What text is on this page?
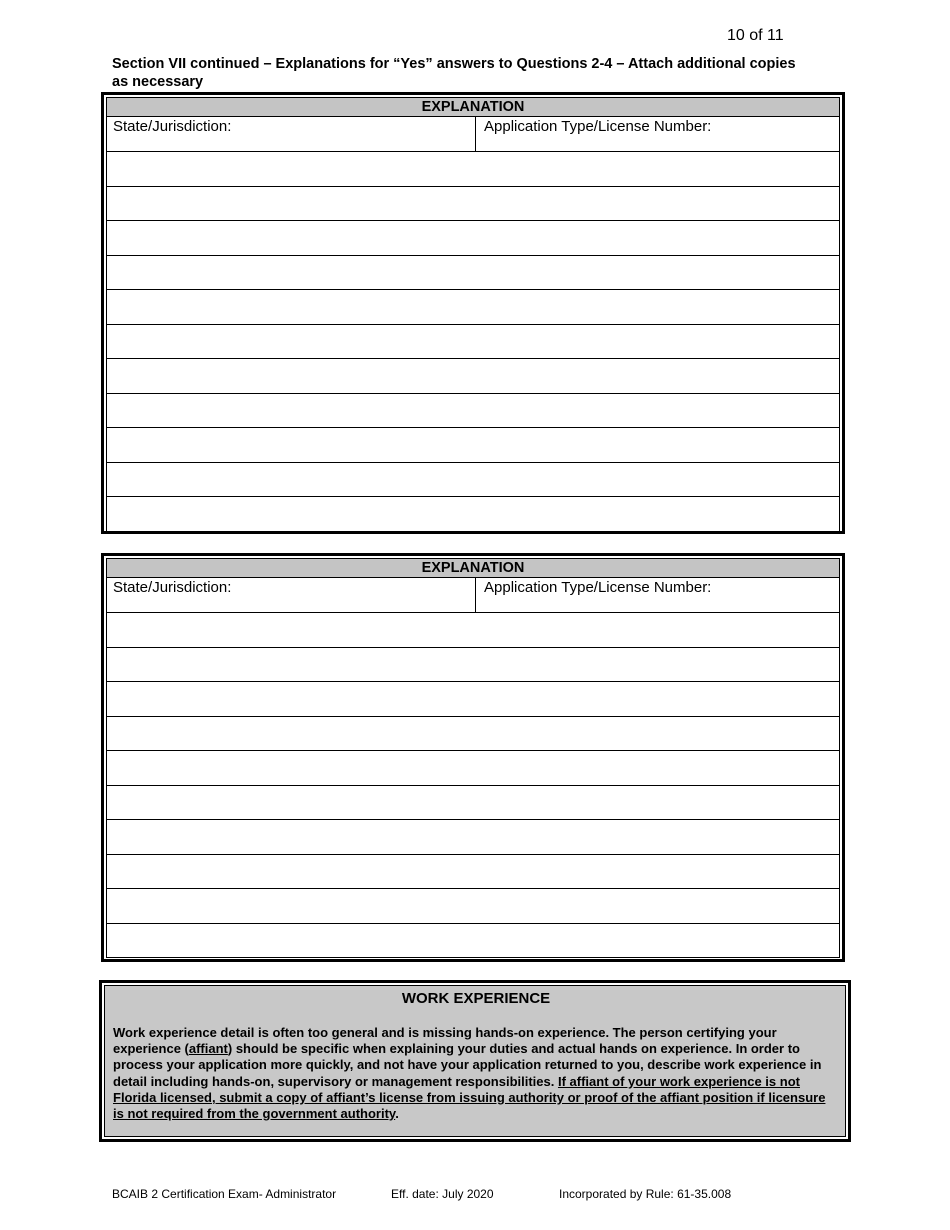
10 of 11
Section VII continued – Explanations for “Yes” answers to Questions 2-4 – Attach additional copies as necessary
EXPLANATION
State/Jurisdiction:	Application Type/License Number:
EXPLANATION
State/Jurisdiction:	Application Type/License Number:
WORK EXPERIENCE
Work experience detail is often too general and is missing hands-on experience. The person certifying your experience (affiant) should be specific when explaining your duties and actual hands on experience. In order to process your application more quickly, and not have your application returned to you, describe work experience in detail including hands-on, supervisory or management responsibilities. If affiant of your work experience is not Florida licensed, submit a copy of affiant’s license from issuing authority or proof of the affiant position if licensure is not required from the government authority.
BCAIB 2 Certification Exam- Administrator	Eff. date: July 2020	Incorporated by Rule: 61-35.008
